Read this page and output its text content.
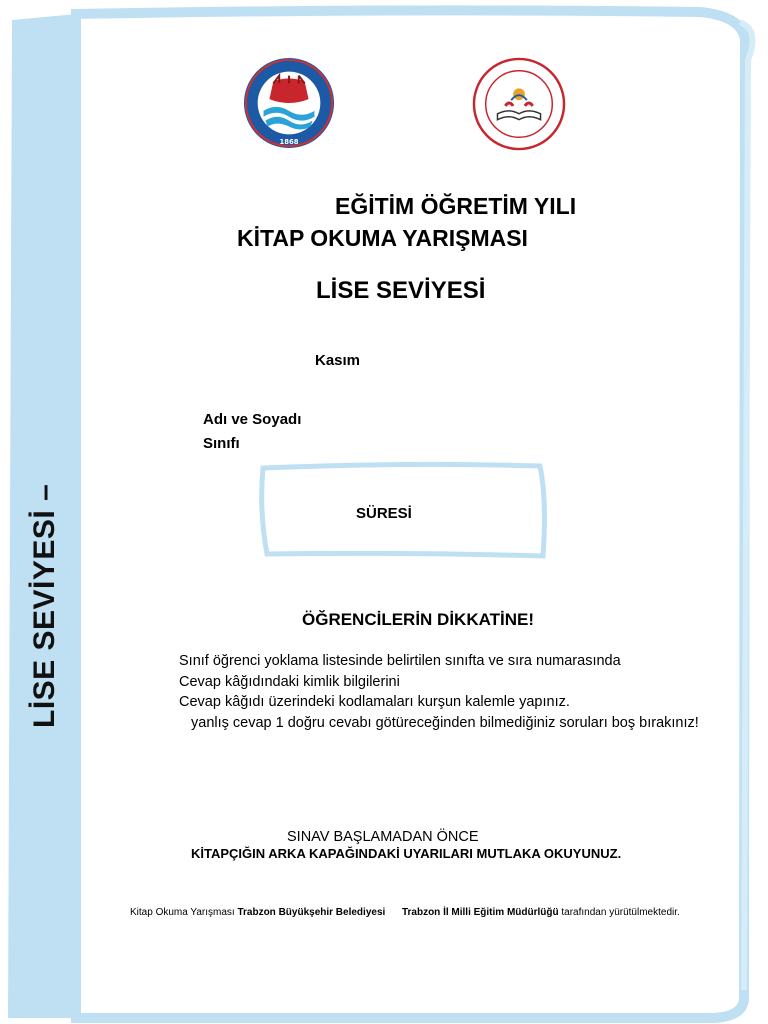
LİSE SEVİYESİ –
1868
EĞİTİM ÖĞRETİM YILI
KİTAP OKUMA YARIŞMASI
LİSE SEVİYESİ
Kasım
Adı ve Soyadı
Sınıfı
SÜRESİ
ÖĞRENCİLERİN DİKKATİNE!
Sınıf öğrenci yoklama listesinde belirtilen sınıfta ve sıra numarasında
Cevap kâğıdındaki kimlik bilgilerini
Cevap kâğıdı üzerindeki kodlamaları kurşun kalemle yapınız.
yanlış cevap 1 doğru cevabı götüreceğinden bilmediğiniz soruları boş bırakınız!
SINAV BAŞLAMADAN ÖNCE
KİTAPÇIĞIN ARKA KAPAĞINDAKİ UYARILARI MUTLAKA OKUYUNUZ.
Kitap Okuma Yarışması Trabzon Büyükşehir Belediyesi Trabzon İl Milli Eğitim Müdürlüğü tarafından yürütülmektedir.
